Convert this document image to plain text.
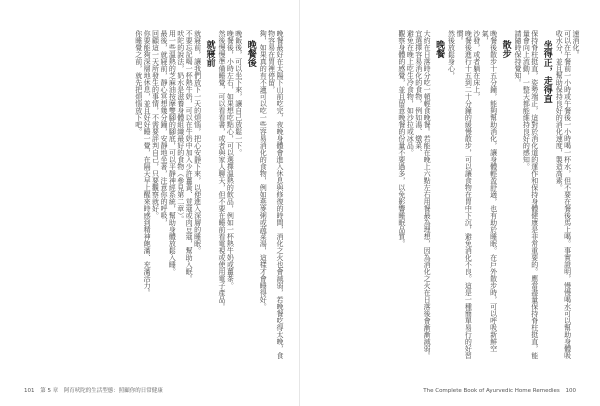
速消化。
可以在午餐前一小時或午餐後一小時喝一杯水，但不要在餐後馬上喝。事實證明，慢慢喝水可以幫助身體吸收水分，並且幫助保持良好的消化速度，製造高素。
坐得正，走得直
保持脊柱挺直，姿勢端正，這對於消化道的運作和保持身體健康是非常重要的。應當盡量保持脊柱挺直，能量會向上流動，一整天都能維持良好的感知。
請隨時保持覺知。
散步
晚餐後散步十五分鐘，能夠幫助消化，讓身體輕盈舒適，也有助於睡眠。在戶外散步時，可以呼吸新鮮空氣，
沙發，或者躺在床上，
晚餐後進行十五到二十分鐘的緩慢散步，可以讓食物在胃中下沉，避免消化不良。這是一種簡單易行的好習慣。
然後放鬆身心，
晚餐
大約在日落時分吃一頓輕食晚餐。若能在晚上六點左右用餐最為理想，因為消化之火在日落後會漸漸減弱。
宜選擇容易消化的食物，例如湯、燉菜、
避免在晚上吃生冷食物，如沙拉或冰品。
觀察身體的感覺，並且留意晚餐的份量不要過多，以免影響睡眠品質。
The Complete Book of Ayurvedic Home Remedies 100
晚餐最好在太陽下山前吃完，夜晚身體會進入休息與修復的時間，消化之火也會減弱，若晚餐吃得太晚，食物容易在胃裡停留，
夠，如果真的有不適可以吃一些容易消化的食物，例如燕麥粥或蔬菜湯，這樣才會睡得好。
晚餐後
晚飯後，可以坐下來，讓自己放鬆一下。
晚餐後，小時左右，如果想吃點心，可以選擇溫熱的飲品，例如一杯熱牛奶或薑茶。
然後慢慢準備睡覺，可以看看書，或者與家人聊天，但不要在睡前看電視或使用電子產品。
就寢前
就寢前，讓我們放下一天的煩惱，把心安靜下來，以便進入深層的睡眠。
不要忘記喝一杯熱牛奶，可以在牛奶中加入少許薑黃、荳蔻或肉豆蔻，幫助入眠。
吠陀的說法，奶水是滋養身體組織最好的食物（參見第二章）。
用一些溫熱的芝麻油按摩雙腳的腳底，可以平靜神經系統，幫助身體放鬆入睡。
最後，就寢前，靜心冥想幾分鐘，安靜地坐著，注意你的呼吸，
回顧這一天所發生的事情，不需要評判自己，只要觀察就好。
你要能夠深層地休息，並且好好睡一覺，在隔天早上醒來時感到精神飽滿、充滿活力。
你睡覺之前，就先把煩惱放下吧。
101 第 5 章　阿育吠陀的生活型態：照顧你的日常健康
